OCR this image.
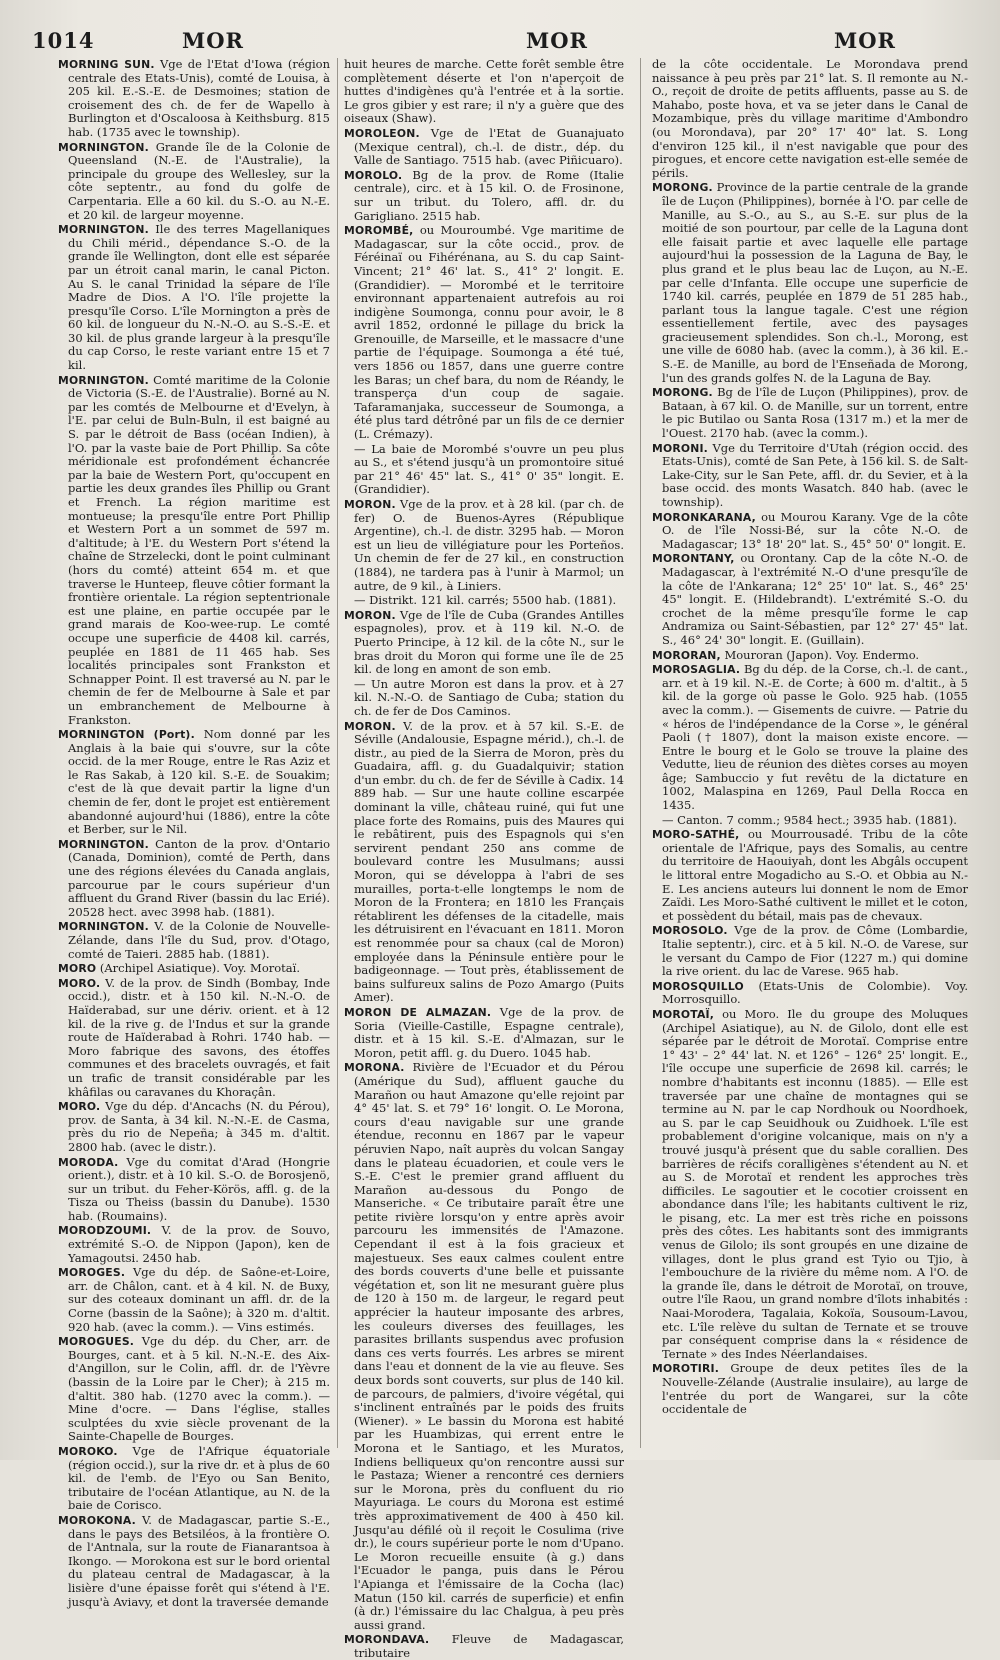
1014	MOR	MOR	MOR

MORNING SUN. Vge de l'Etat d'Iowa (région centrale des Etats-Unis), comté de Louisa, à 205 kil. E.-S.-E. de Desmoines; station de croisement des ch. de fer de Wapello à Burlington et d'Oscaloosa à Keithsburg. 815 hab. (1735 avec le township).

MORNINGTON. Grande île de la Colonie de Queensland (N.-E. de l'Australie), la principale du groupe des Wellesley, sur la côte septentr., au fond du golfe de Carpentaria. Elle a 60 kil. du S.-O. au N.-E. et 20 kil. de largeur moyenne.

MORNINGTON. Ile des terres Magellaniques du Chili mérid., dépendance S.-O. de la grande île Wellington, dont elle est séparée par un étroit canal marin, le canal Picton. Au S. le canal Trinidad la sépare de l'île Madre de Dios. A l'O. l'île projette la presqu'île Corso. L'île Mornington a près de 60 kil. de longueur du N.-N.-O. au S.-S.-E. et 30 kil. de plus grande largeur à la presqu'île du cap Corso, le reste variant entre 15 et 7 kil.

MORNINGTON. Comté maritime de la Colonie de Victoria (S.-E. de l'Australie). Borné au N. par les comtés de Melbourne et d'Evelyn, à l'E. par celui de Buln-Buln, il est baigné au S. par le détroit de Bass (océan Indien), à l'O. par la vaste baie de Port Phillip. Sa côte méridionale est profondément échancrée par la baie de Western Port, qu'occupent en partie les deux grandes îles Phillip ou Grant et French. La région maritime est montueuse; la presqu'île entre Port Phillip et Western Port a un sommet de 597 m. d'altitude; à l'E. du Western Port s'étend la chaîne de Strzelecki, dont le point culminant (hors du comté) atteint 654 m. et que traverse le Hunteep, fleuve côtier formant la frontière orientale. La région septentrionale est une plaine, en partie occupée par le grand marais de Koo-wee-rup. Le comté occupe une superficie de 4408 kil. carrés, peuplée en 1881 de 11 465 hab. Ses localités principales sont Frankston et Schnapper Point. Il est traversé au N. par le chemin de fer de Melbourne à Sale et par un embranchement de Melbourne à Frankston.

MORNINGTON (Port). Nom donné par les Anglais à la baie qui s'ouvre, sur la côte occid. de la mer Rouge, entre le Ras Aziz et le Ras Sakab, à 120 kil. S.-E. de Souakim; c'est de là que devait partir la ligne d'un chemin de fer, dont le projet est entièrement abandonné aujourd'hui (1886), entre la côte et Berber, sur le Nil.

MORNINGTON. Canton de la prov. d'Ontario (Canada, Dominion), comté de Perth, dans une des régions élevées du Canada anglais, parcourue par le cours supérieur d'un affluent du Grand River (bassin du lac Erié). 20528 hect. avec 3998 hab. (1881).

MORNINGTON. V. de la Colonie de Nouvelle-Zélande, dans l'île du Sud, prov. d'Otago, comté de Taieri. 2885 hab. (1881).

MORO (Archipel Asiatique). Voy. Morotaï.

MORO. V. de la prov. de Sindh (Bombay, Inde occid.), distr. et à 150 kil. N.-N.-O. de Haïderabad, sur une dériv. orient. et à 12 kil. de la rive g. de l'Indus et sur la grande route de Haïderabad à Rohri. 1740 hab. — Moro fabrique des savons, des étoffes communes et des bracelets ouvragés, et fait un trafic de transit considérable par les khâfilas ou caravanes du Khoraçân.

MORO. Vge du dép. d'Ancachs (N. du Pérou), prov. de Santa, à 34 kil. N.-N.-E. de Casma, près du rio de Nepeña; à 345 m. d'altit. 2800 hab. (avec le distr.).

MORODA. Vge du comitat d'Arad (Hongrie orient.), distr. et à 10 kil. S.-O. de Borosjenö, sur un tribut. du Feher-Körös, affl. g. de la Tisza ou Theiss (bassin du Danube). 1530 hab. (Roumains).

MORODZOUMI. V. de la prov. de Souvo, extrémité S.-O. de Nippon (Japon), ken de Yamagoutsi. 2450 hab.

MOROGES. Vge du dép. de Saône-et-Loire, arr. de Châlon, cant. et à 4 kil. N. de Buxy, sur des coteaux dominant un affl. dr. de la Corne (bassin de la Saône); à 320 m. d'altit. 920 hab. (avec la comm.). — Vins estimés.

MOROGUES. Vge du dép. du Cher, arr. de Bourges, cant. et à 5 kil. N.-N.-E. des Aix-d'Angillon, sur le Colin, affl. dr. de l'Yèvre (bassin de la Loire par le Cher); à 215 m. d'altit. 380 hab. (1270 avec la comm.). — Mine d'ocre. — Dans l'église, stalles sculptées du xvie siècle provenant de la Sainte-Chapelle de Bourges.

MOROKO. Vge de l'Afrique équatoriale (région occid.), sur la rive dr. et à plus de 60 kil. de l'emb. de l'Eyo ou San Benito, tributaire de l'océan Atlantique, au N. de la baie de Corisco.

MOROKONA. V. de Madagascar, partie S.-E., dans le pays des Betsiléos, à la frontière O. de l'Antnala, sur la route de Fianarantsoa à Ikongo. — Morokona est sur le bord oriental du plateau central de Madagascar, à la lisière d'une épaisse forêt qui s'étend à l'E. jusqu'à Aviavy, et dont la traversée demande

huit heures de marche. Cette forêt semble être complètement déserte et l'on n'aperçoit de huttes d'indigènes qu'à l'entrée et à la sortie. Le gros gibier y est rare; il n'y a guère que des oiseaux (Shaw).

MOROLEON. Vge de l'Etat de Guanajuato (Mexique central), ch.-l. de distr., dép. du Valle de Santiago. 7515 hab. (avec Piñicuaro).

MOROLO. Bg de la prov. de Rome (Italie centrale), circ. et à 15 kil. O. de Frosinone, sur un tribut. du Tolero, affl. dr. du Garigliano. 2515 hab.

MOROMBÉ, ou Mouroumbé. Vge maritime de Madagascar, sur la côte occid., prov. de Féréinaï ou Fihérénana, au S. du cap Saint-Vincent; 21° 46' lat. S., 41° 2' longit. E. (Grandidier). — Morombé et le territoire environnant appartenaient autrefois au roi indigène Soumonga, connu pour avoir, le 8 avril 1852, ordonné le pillage du brick la Grenouille, de Marseille, et le massacre d'une partie de l'équipage. Soumonga a été tué, vers 1856 ou 1857, dans une guerre contre les Baras; un chef bara, du nom de Réandy, le transperça d'un coup de sagaie. Tafaramanjaka, successeur de Soumonga, a été plus tard détrôné par un fils de ce dernier (L. Crémazy).

— La baie de Morombé s'ouvre un peu plus au S., et s'étend jusqu'à un promontoire situé par 21° 46' 45" lat. S., 41° 0' 35" longit. E. (Grandidier).

MORON. Vge de la prov. et à 28 kil. (par ch. de fer) O. de Buenos-Ayres (République Argentine), ch.-l. de distr. 3295 hab. — Moron est un lieu de villégiature pour les Porteños. Un chemin de fer de 27 kil., en construction (1884), ne tardera pas à l'unir à Marmol; un autre, de 9 kil., à Liniers.

— Distrikt. 121 kil. carrés; 5500 hab. (1881).

MORON. Vge de l'île de Cuba (Grandes Antilles espagnoles), prov. et à 119 kil. N.-O. de Puerto Principe, à 12 kil. de la côte N., sur le bras droit du Moron qui forme une île de 25 kil. de long en amont de son emb.

— Un autre Moron est dans la prov. et à 27 kil. N.-N.-O. de Santiago de Cuba; station du ch. de fer de Dos Caminos.

MORON. V. de la prov. et à 57 kil. S.-E. de Séville (Andalousie, Espagne mérid.), ch.-l. de distr., au pied de la Sierra de Moron, près du Guadaira, affl. g. du Guadalquivir; station d'un embr. du ch. de fer de Séville à Cadix. 14 889 hab. — Sur une haute colline escarpée dominant la ville, château ruiné, qui fut une place forte des Romains, puis des Maures qui le rebâtirent, puis des Espagnols qui s'en servirent pendant 250 ans comme de boulevard contre les Musulmans; aussi Moron, qui se développa à l'abri de ses murailles, porta-t-elle longtemps le nom de Moron de la Frontera; en 1810 les Français rétablirent les défenses de la citadelle, mais les détruisirent en l'évacuant en 1811. Moron est renommée pour sa chaux (cal de Moron) employée dans la Péninsule entière pour le badigeonnage. — Tout près, établissement de bains sulfureux salins de Pozo Amargo (Puits Amer).

MORON DE ALMAZAN. Vge de la prov. de Soria (Vieille-Castille, Espagne centrale), distr. et à 15 kil. S.-E. d'Almazan, sur le Moron, petit affl. g. du Duero. 1045 hab.

MORONA. Rivière de l'Ecuador et du Pérou (Amérique du Sud), affluent gauche du Marañon ou haut Amazone qu'elle rejoint par 4° 45' lat. S. et 79° 16' longit. O. Le Morona, cours d'eau navigable sur une grande étendue, reconnu en 1867 par le vapeur péruvien Napo, naît auprès du volcan Sangay dans le plateau écuadorien, et coule vers le S.-E. C'est le premier grand affluent du Marañon au-dessous du Pongo de Manseriche. « Ce tributaire paraît être une petite rivière lorsqu'on y entre après avoir parcouru les immensités de l'Amazone. Cependant il est à la fois gracieux et majestueux. Ses eaux calmes coulent entre des bords couverts d'une belle et puissante végétation et, son lit ne mesurant guère plus de 120 à 150 m. de largeur, le regard peut apprécier la hauteur imposante des arbres, les couleurs diverses des feuillages, les parasites brillants suspendus avec profusion dans ces verts fourrés. Les arbres se mirent dans l'eau et donnent de la vie au fleuve. Ses deux bords sont couverts, sur plus de 140 kil. de parcours, de palmiers, d'ivoire végétal, qui s'inclinent entraînés par le poids des fruits (Wiener). » Le bassin du Morona est habité par les Huambizas, qui errent entre le Morona et le Santiago, et les Muratos, Indiens belliqueux qu'on rencontre aussi sur le Pastaza; Wiener a rencontré ces derniers sur le Morona, près du confluent du rio Mayuriaga. Le cours du Morona est estimé très approximativement de 400 à 450 kil. Jusqu'au défilé où il reçoit le Cosulima (rive dr.), le cours supérieur porte le nom d'Upano. Le Moron recueille ensuite (à g.) dans l'Ecuador le panga, puis dans le Pérou l'Apianga et l'émissaire de la Cocha (lac) Matun (150 kil. carrés de superficie) et enfin (à dr.) l'émissaire du lac Chalgua, à peu près aussi grand.

MORONDAVA. Fleuve de Madagascar, tributaire

de la côte occidentale. Le Morondava prend naissance à peu près par 21° lat. S. Il remonte au N.-O., reçoit de droite de petits affluents, passe au S. de Mahabo, poste hova, et va se jeter dans le Canal de Mozambique, près du village maritime d'Ambondro (ou Morondava), par 20° 17' 40" lat. S. Long d'environ 125 kil., il n'est navigable que pour des pirogues, et encore cette navigation est-elle semée de périls.

MORONG. Province de la partie centrale de la grande île de Luçon (Philippines), bornée à l'O. par celle de Manille, au S.-O., au S., au S.-E. sur plus de la moitié de son pourtour, par celle de la Laguna dont elle faisait partie et avec laquelle elle partage aujourd'hui la possession de la Laguna de Bay, le plus grand et le plus beau lac de Luçon, au N.-E. par celle d'Infanta. Elle occupe une superficie de 1740 kil. carrés, peuplée en 1879 de 51 285 hab., parlant tous la langue tagale. C'est une région essentiellement fertile, avec des paysages gracieusement splendides. Son ch.-l., Morong, est une ville de 6080 hab. (avec la comm.), à 36 kil. E.-S.-E. de Manille, au bord de l'Enseñada de Morong, l'un des grands golfes N. de la Laguna de Bay.

MORONG. Bg de l'île de Luçon (Philippines), prov. de Bataan, à 67 kil. O. de Manille, sur un torrent, entre le pic Butilao ou Santa Rosa (1317 m.) et la mer de l'Ouest. 2170 hab. (avec la comm.).

MORONI. Vge du Territoire d'Utah (région occid. des Etats-Unis), comté de San Pete, à 156 kil. S. de Salt-Lake-City, sur le San Pete, affl. dr. du Sevier, et à la base occid. des monts Wasatch. 840 hab. (avec le township).

MORONKARANA, ou Mourou Karany. Vge de la côte O. de l'île Nossi-Bé, sur la côte N.-O. de Madagascar; 13° 18' 20" lat. S., 45° 50' 0" longit. E.

MORONTANY, ou Orontany. Cap de la côte N.-O. de Madagascar, à l'extrémité N.-O d'une presqu'île de la côte de l'Ankarana; 12° 25' 10" lat. S., 46° 25' 45" longit. E. (Hildebrandt). L'extrémité S.-O. du crochet de la même presqu'île forme le cap Andramiza ou Saint-Sébastien, par 12° 27' 45" lat. S., 46° 24' 30" longit. E. (Guillain).

MORORAN, Mouroran (Japon). Voy. Endermo.

MOROSAGLIA. Bg du dép. de la Corse, ch.-l. de cant., arr. et à 19 kil. N.-E. de Corte; à 600 m. d'altit., à 5 kil. de la gorge où passe le Golo. 925 hab. (1055 avec la comm.). — Gisements de cuivre. — Patrie du « héros de l'indépendance de la Corse », le général Paoli († 1807), dont la maison existe encore. — Entre le bourg et le Golo se trouve la plaine des Vedutte, lieu de réunion des diètes corses au moyen âge; Sambuccio y fut revêtu de la dictature en 1002, Malaspina en 1269, Paul Della Rocca en 1435.

— Canton. 7 comm.; 9584 hect.; 3935 hab. (1881).

MORO-SATHÉ, ou Mourrousadé. Tribu de la côte orientale de l'Afrique, pays des Somalis, au centre du territoire de Haouiyah, dont les Abgâls occupent le littoral entre Mogadicho au S.-O. et Obbia au N.-E. Les anciens auteurs lui donnent le nom de Emor Zaïdi. Les Moro-Sathé cultivent le millet et le coton, et possèdent du bétail, mais pas de chevaux.

MOROSOLO. Vge de la prov. de Côme (Lombardie, Italie septentr.), circ. et à 5 kil. N.-O. de Varese, sur le versant du Campo de Fior (1227 m.) qui domine la rive orient. du lac de Varese. 965 hab.

MOROSQUILLO (Etats-Unis de Colombie). Voy. Morrosquillo.

MOROTAÏ, ou Moro. Ile du groupe des Moluques (Archipel Asiatique), au N. de Gilolo, dont elle est séparée par le détroit de Morotaï. Comprise entre 1° 43' – 2° 44' lat. N. et 126° – 126° 25' longit. E., l'île occupe une superficie de 2698 kil. carrés; le nombre d'habitants est inconnu (1885). — Elle est traversée par une chaîne de montagnes qui se termine au N. par le cap Nordhouk ou Noordhoek, au S. par le cap Seuidhouk ou Zuidhoek. L'île est probablement d'origine volcanique, mais on n'y a trouvé jusqu'à présent que du sable corallien. Des barrières de récifs coralligènes s'étendent au N. et au S. de Morotaï et rendent les approches très difficiles. Le sagoutier et le cocotier croissent en abondance dans l'île; les habitants cultivent le riz, le pisang, etc. La mer est très riche en poissons près des côtes. Les habitants sont des immigrants venus de Gilolo; ils sont groupés en une dizaine de villages, dont le plus grand est Tyio ou Tjio, à l'embouchure de la rivière du même nom. A l'O. de la grande île, dans le détroit de Morotaï, on trouve, outre l'île Raou, un grand nombre d'îlots inhabités : Naai-Morodera, Tagalaia, Kokoïa, Sousoum-Lavou, etc. L'île relève du sultan de Ternate et se trouve par conséquent comprise dans la « résidence de Ternate » des Indes Néerlandaises.

MOROTIRI. Groupe de deux petites îles de la Nouvelle-Zélande (Australie insulaire), au large de l'entrée du port de Wangarei, sur la côte occidentale de
